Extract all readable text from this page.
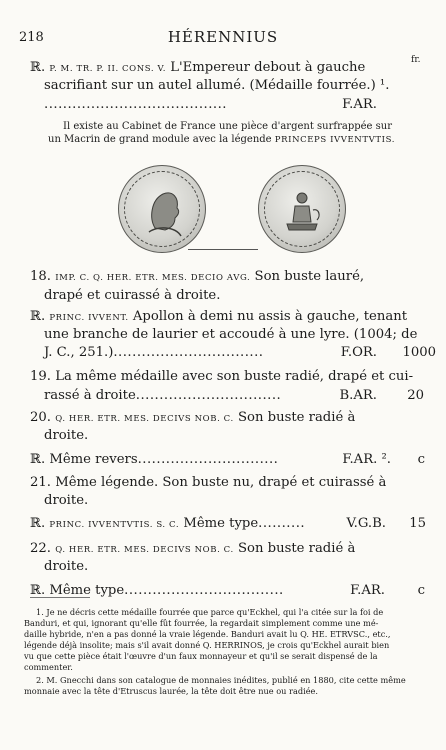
218	HÉRENNIUS
fr.
ℝ. P. M. TR. P. II. CONS. V. L'Empereur debout à gauche
sacrifiant sur un autel allumé. (Médaille fourrée.) ¹.
.......................................	F.AR.
Il existe au Cabinet de France une pièce d'argent surfrappée sur
un Macrin de grand module avec la légende PRINCEPS IVVENTVTIS.
18. IMP. C. Q. HER. ETR. MES. DECIO AVG. Son buste lauré,
drapé et cuirassé à droite.
ℝ. PRINC. IVVENT. Apollon à demi nu assis à gauche, tenant
une branche de laurier et accoudé à une lyre. (1004; de
J. C., 251.)................................	F.OR. 1000
19. La même médaille avec son buste radié, drapé et cui-
rassé à droite...............................	B.AR. 20
20. Q. HER. ETR. MES. DECIVS NOB. C. Son buste radié à
droite.
ℝ. Même revers..............................	F.AR. ². c
21. Même légende. Son buste nu, drapé et cuirassé à
droite.
ℝ. PRINC. IVVENTVTIS. S. C. Même type..........	V.G.B. 15
22. Q. HER. ETR. MES. DECIVS NOB. C. Son buste radié à
droite.
ℝ. Même type..................................	F.AR. c
1. Je ne décris cette médaille fourrée que parce qu'Eckhel, qui l'a citée sur la foi de
Banduri, et qui, ignorant qu'elle fût fourrée, la regardait simplement comme une mé-
daille hybride, n'en a pas donné la vraie légende. Banduri avait lu Q. HE. ETRVSC., etc.,
légende déjà insolite; mais s'il avait donné Q. HERRINOS, je crois qu'Eckhel aurait bien
vu que cette pièce était l'œuvre d'un faux monnayeur et qu'il se serait dispensé de la
commenter.
2. M. Gnecchi dans son catalogue de monnaies inédites, publié en 1880, cite cette même
monnaie avec la tête d'Etruscus laurée, la tête doit être nue ou radiée.
